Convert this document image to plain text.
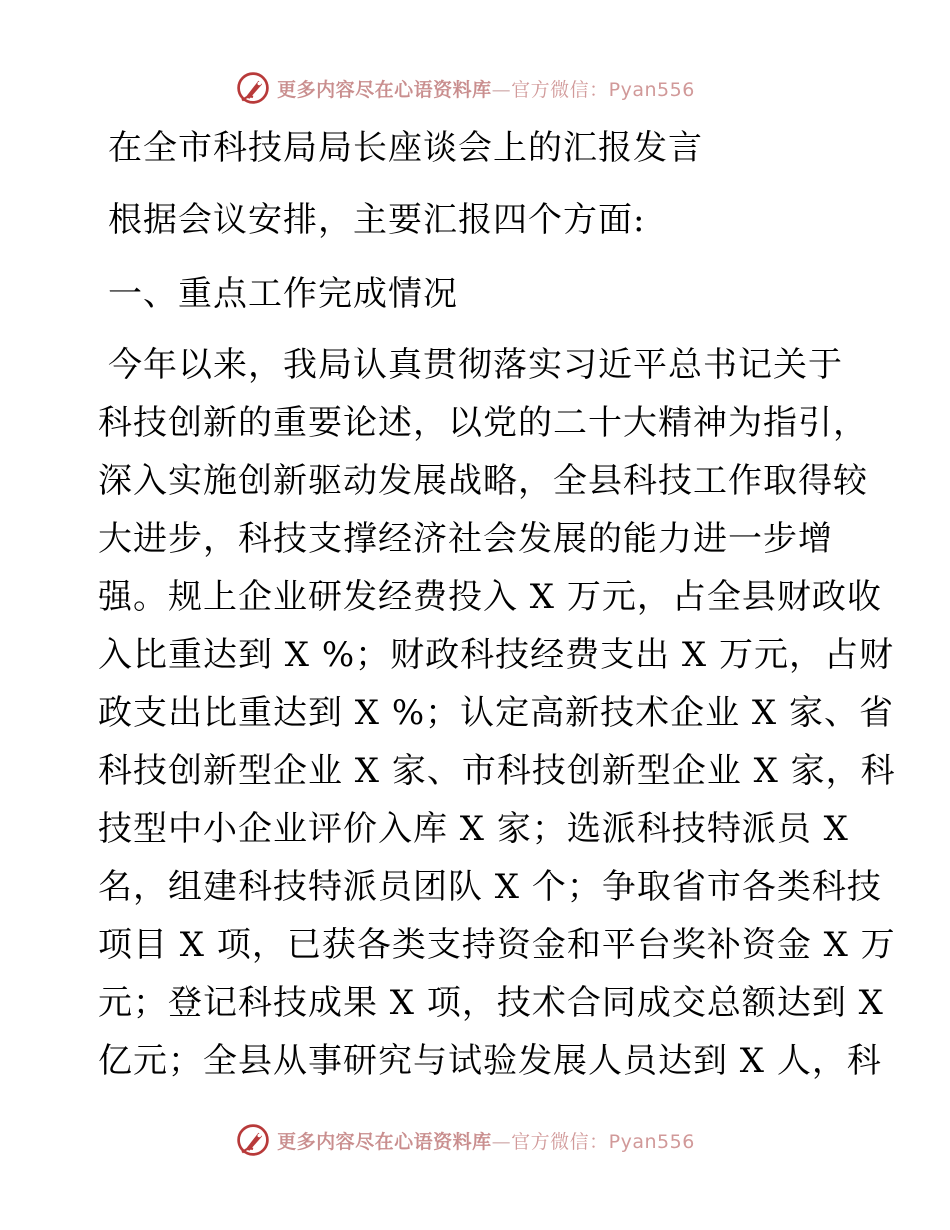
更多内容尽在心语资料库—官方微信：Pyan556
在全市科技局局长座谈会上的汇报发言
根据会议安排，主要汇报四个方面:
一、重点工作完成情况
今年以来，我局认真贯彻落实习近平总书记关于
科技创新的重要论述，以党的二十大精神为指引，
深入实施创新驱动发展战略，全县科技工作取得较
大进步，科技支撑经济社会发展的能力进一步增
强。规上企业研发经费投入 X 万元，占全县财政收
入比重达到 X %；财政科技经费支出 X 万元，占财
政支出比重达到 X %；认定高新技术企业 X 家、省
科技创新型企业 X 家、市科技创新型企业 X 家，科
技型中小企业评价入库 X 家；选派科技特派员 X
名，组建科技特派员团队 X 个；争取省市各类科技
项目 X 项，已获各类支持资金和平台奖补资金 X 万
元；登记科技成果 X 项，技术合同成交总额达到 X
亿元；全县从事研究与试验发展人员达到 X 人，科
更多内容尽在心语资料库—官方微信：Pyan556
